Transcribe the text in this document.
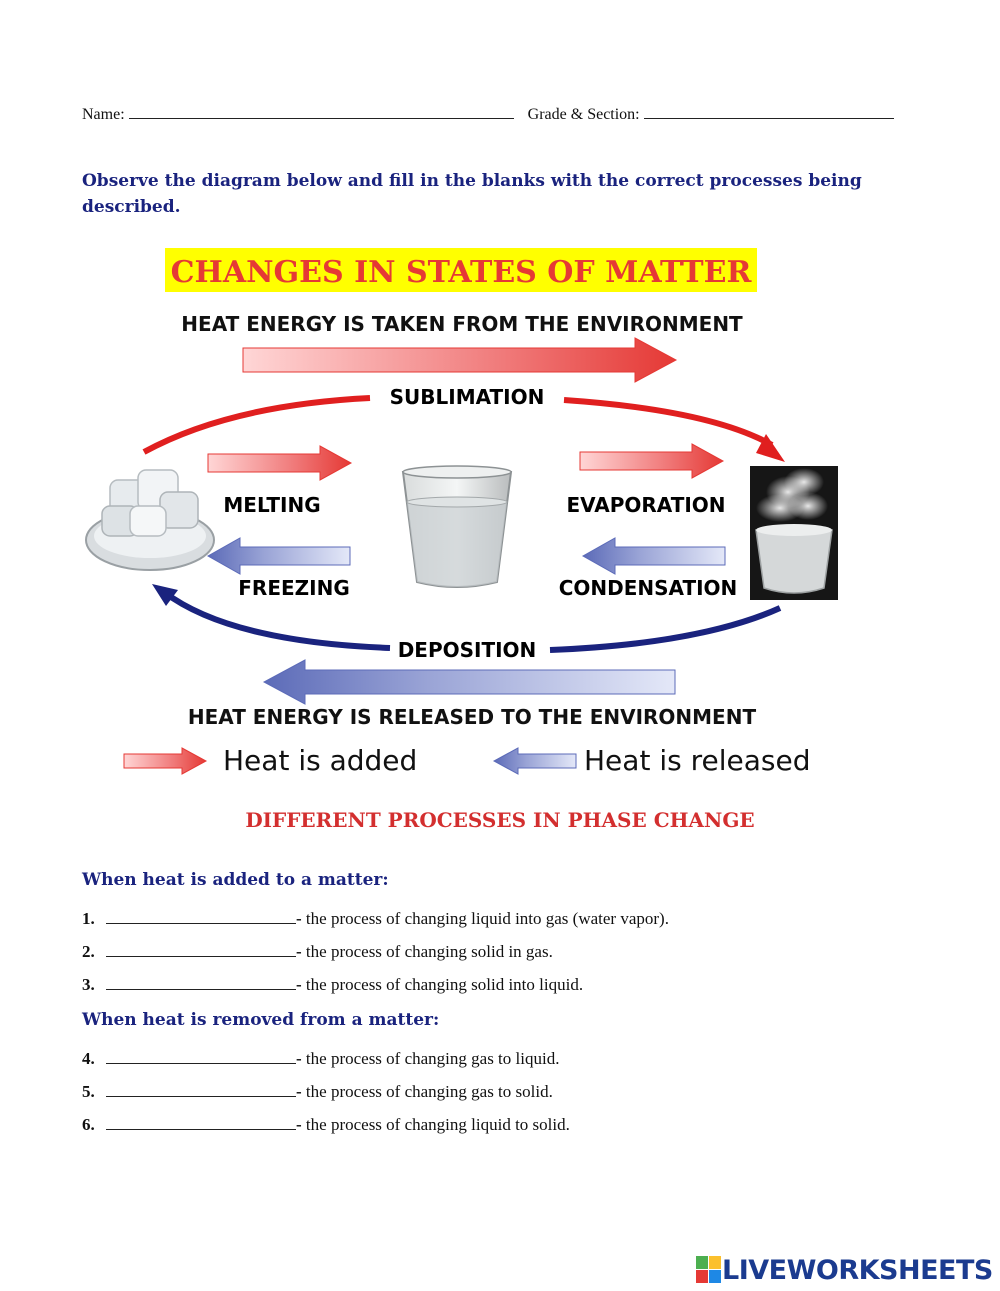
Name:	Grade & Section:
Observe the diagram below and fill in the blanks with the correct processes being described.
CHANGES IN STATES OF MATTER
HEAT ENERGY IS TAKEN FROM THE ENVIRONMENT
SUBLIMATION
MELTING
FREEZING
EVAPORATION
CONDENSATION
DEPOSITION
HEAT ENERGY IS RELEASED TO THE ENVIRONMENT
Heat is added	Heat is released
DIFFERENT PROCESSES IN PHASE CHANGE
When heat is added to a matter:
1.	- the process of changing liquid into gas (water vapor).
2.	- the process of changing solid in gas.
3.	- the process of changing solid into liquid.
When heat is removed from a matter:
4.	- the process of changing gas to liquid.
5.	- the process of changing gas to solid.
6.	- the process of changing liquid to solid.
LIVEWORKSHEETS
